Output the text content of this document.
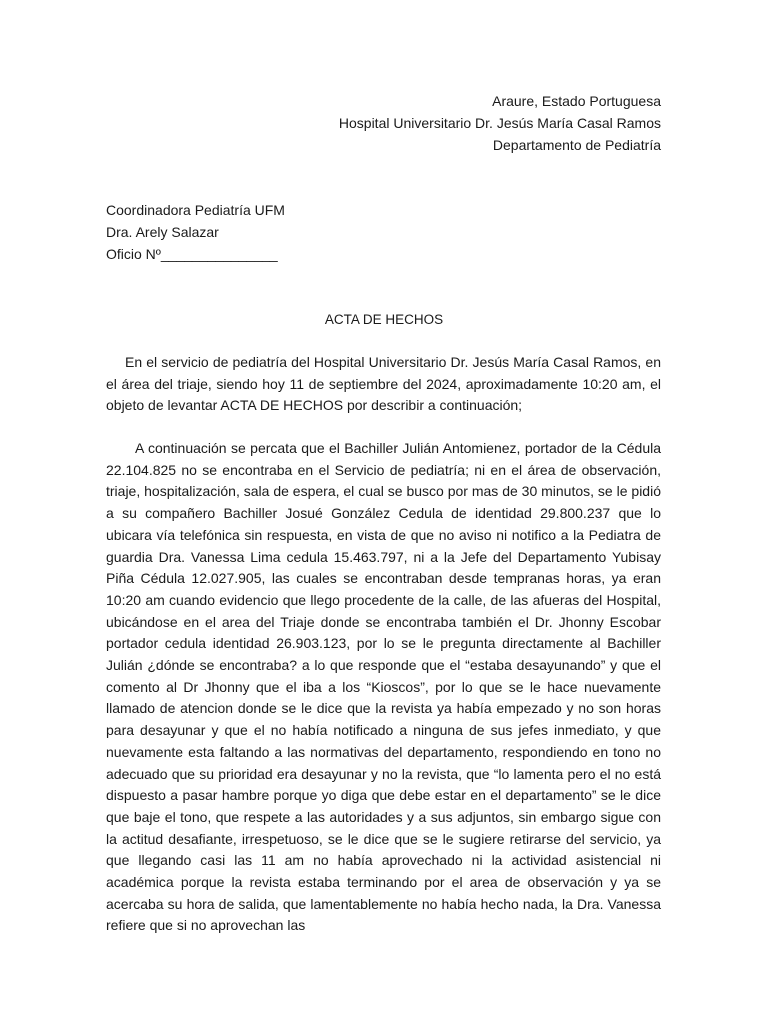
Araure, Estado Portuguesa
Hospital Universitario Dr. Jesús María Casal Ramos
Departamento de Pediatría
Coordinadora Pediatría UFM
Dra. Arely Salazar
Oficio Nº_______________
ACTA DE HECHOS

En el servicio de pediatría del Hospital Universitario Dr. Jesús María Casal Ramos, en el área del triaje, siendo hoy 11 de septiembre del 2024, aproximadamente 10:20 am, el objeto de levantar ACTA DE HECHOS por describir a continuación;

A continuación se percata que el Bachiller Julián Antomienez, portador de la Cédula 22.104.825 no se encontraba en el Servicio de pediatría; ni en el área de observación, triaje, hospitalización, sala de espera, el cual se busco por mas de 30 minutos, se le pidió a su compañero Bachiller Josué González Cedula de identidad 29.800.237 que lo ubicara vía telefónica sin respuesta, en vista de que no aviso ni notifico a la Pediatra de guardia Dra. Vanessa Lima cedula 15.463.797, ni a la Jefe del Departamento Yubisay Piña Cédula 12.027.905, las cuales se encontraban desde tempranas horas, ya eran 10:20 am cuando evidencio que llego procedente de la calle, de las afueras del Hospital, ubicándose en el area del Triaje donde se encontraba también el Dr. Jhonny Escobar portador cedula identidad 26.903.123, por lo se le pregunta directamente al Bachiller Julián ¿dónde se encontraba? a lo que responde que el “estaba desayunando” y que el comento al Dr Jhonny que el iba a los “Kioscos”, por lo que se le hace nuevamente llamado de atencion donde se le dice que la revista ya había empezado y no son horas para desayunar y que el no había notificado a ninguna de sus jefes inmediato, y que nuevamente esta faltando a las normativas del departamento, respondiendo en tono no adecuado que su prioridad era desayunar y no la revista, que “lo lamenta pero el no está dispuesto a pasar hambre porque yo diga que debe estar en el departamento” se le dice que baje el tono, que respete a las autoridades y a sus adjuntos, sin embargo sigue con la actitud desafiante, irrespetuoso, se le dice que se le sugiere retirarse del servicio, ya que llegando casi las 11 am no había aprovechado ni la actividad asistencial ni académica porque la revista estaba terminando por el area de observación y ya se acercaba su hora de salida, que lamentablemente no había hecho nada, la Dra. Vanessa refiere que si no aprovechan las
